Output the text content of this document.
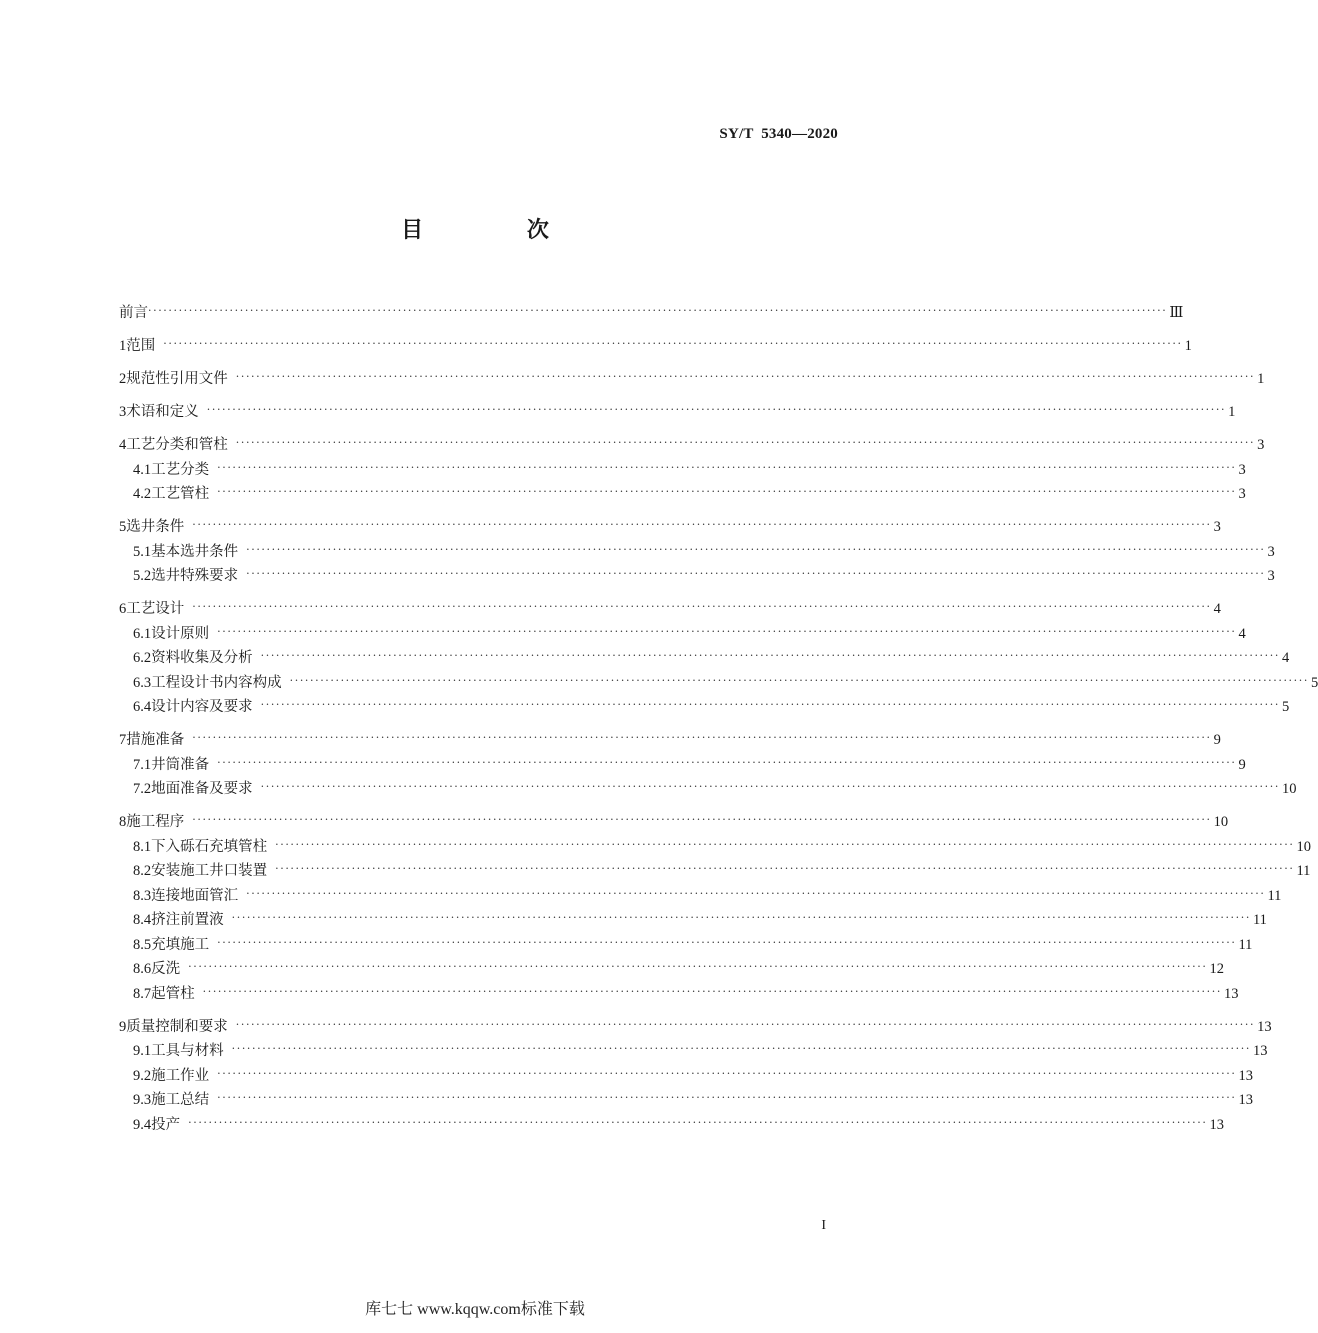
SY/T  5340—2020
目 次
前言 ········································································································································································································ Ⅲ
1 范围 ········································································································································································································ 1
2 规范性引用文件 ········································································································································································································ 1
3 术语和定义 ········································································································································································································ 1
4 工艺分类和管柱 ········································································································································································································ 3
4.1 工艺分类 ········································································································································································································ 3
4.2 工艺管柱 ········································································································································································································ 3
5 选井条件 ········································································································································································································ 3
5.1 基本选井条件 ········································································································································································································ 3
5.2 选井特殊要求 ········································································································································································································ 3
6 工艺设计 ········································································································································································································ 4
6.1 设计原则 ········································································································································································································ 4
6.2 资料收集及分析 ········································································································································································································ 4
6.3 工程设计书内容构成 ········································································································································································································ 5
6.4 设计内容及要求 ········································································································································································································ 5
7 措施准备 ········································································································································································································ 9
7.1 井筒准备 ········································································································································································································ 9
7.2 地面准备及要求 ········································································································································································································ 10
8 施工程序 ········································································································································································································ 10
8.1 下入砾石充填管柱 ········································································································································································································ 10
8.2 安装施工井口装置 ········································································································································································································ 11
8.3 连接地面管汇 ········································································································································································································ 11
8.4 挤注前置液 ········································································································································································································ 11
8.5 充填施工 ········································································································································································································ 11
8.6 反洗 ········································································································································································································ 12
8.7 起管柱 ········································································································································································································ 13
9 质量控制和要求 ········································································································································································································ 13
9.1 工具与材料 ········································································································································································································ 13
9.2 施工作业 ········································································································································································································ 13
9.3 施工总结 ········································································································································································································ 13
9.4 投产 ········································································································································································································ 13
I
库七七 www.kqqw.com标准下载
